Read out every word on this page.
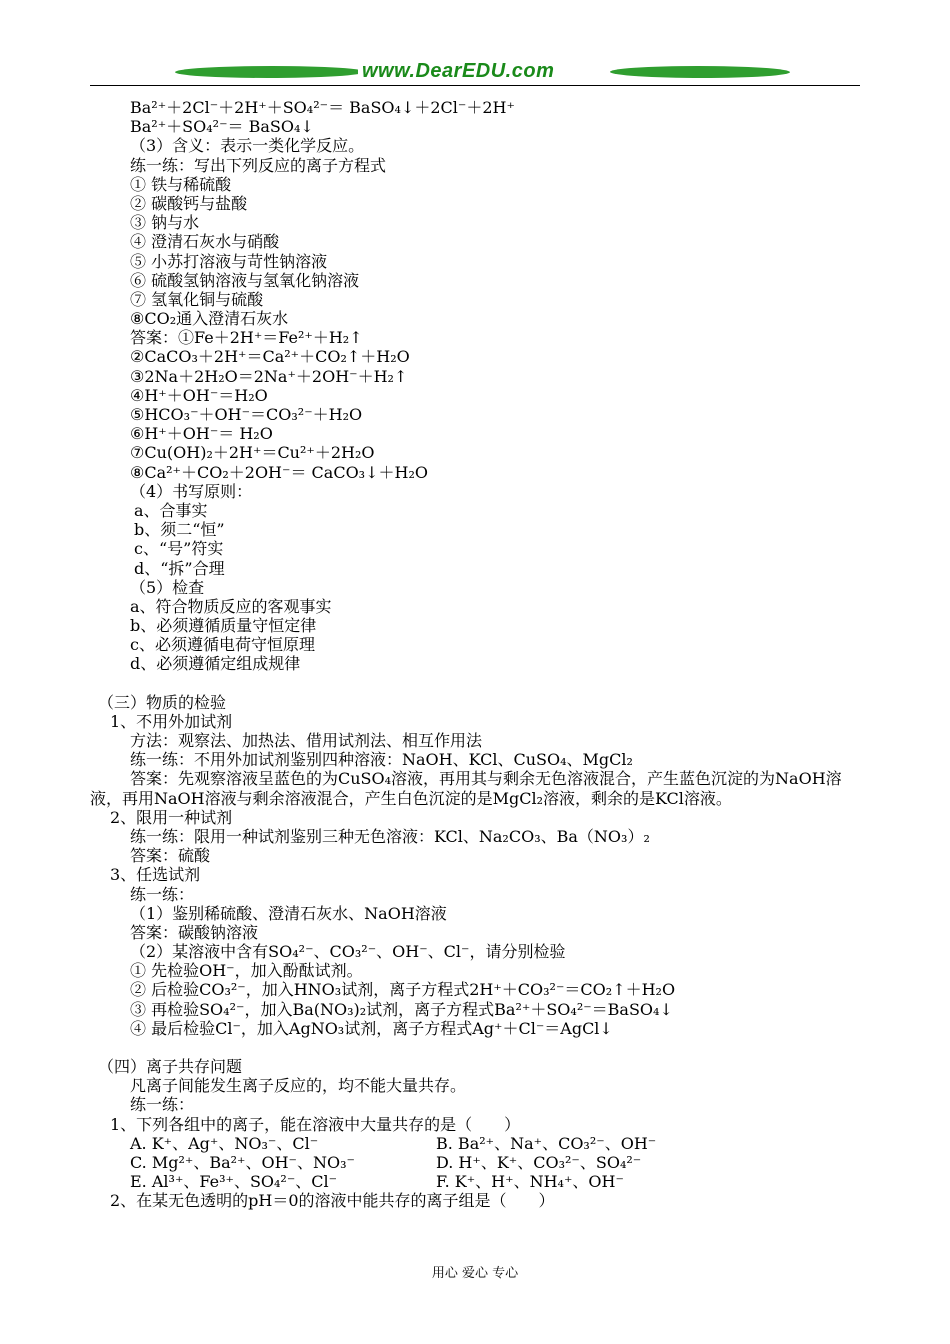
www.DearEDU.com
Ba²⁺＋2Cl⁻＋2H⁺＋SO₄²⁻＝ BaSO₄↓＋2Cl⁻＋2H⁺
Ba²⁺＋SO₄²⁻＝ BaSO₄↓
（3）含义：表示一类化学反应。
练一练：写出下列反应的离子方程式
① 铁与稀硫酸
② 碳酸钙与盐酸
③ 钠与水
④ 澄清石灰水与硝酸
⑤ 小苏打溶液与苛性钠溶液
⑥ 硫酸氢钠溶液与氢氧化钠溶液
⑦ 氢氧化铜与硫酸
⑧CO₂通入澄清石灰水
答案：①Fe＋2H⁺＝Fe²⁺＋H₂↑
②CaCO₃＋2H⁺＝Ca²⁺＋CO₂↑＋H₂O
③2Na＋2H₂O＝2Na⁺＋2OH⁻＋H₂↑
④H⁺＋OH⁻＝H₂O
⑤HCO₃⁻＋OH⁻＝CO₃²⁻＋H₂O
⑥H⁺＋OH⁻＝ H₂O
⑦Cu(OH)₂＋2H⁺＝Cu²⁺＋2H₂O
⑧Ca²⁺＋CO₂＋2OH⁻＝ CaCO₃↓＋H₂O
（4）书写原则：
a、合事实
b、须二“恒”
c、“号”符实
d、“拆”合理
（5）检查
a、符合物质反应的客观事实
b、必须遵循质量守恒定律
c、必须遵循电荷守恒原理
d、必须遵循定组成规律
（三）物质的检验
1、不用外加试剂
方法：观察法、加热法、借用试剂法、相互作用法
练一练：不用外加试剂鉴别四种溶液：NaOH、KCl、CuSO₄、MgCl₂
答案：先观察溶液呈蓝色的为CuSO₄溶液，再用其与剩余无色溶液混合，产生蓝色沉淀的为NaOH溶液，再用NaOH溶液与剩余溶液混合，产生白色沉淀的是MgCl₂溶液，剩余的是KCl溶液。
2、限用一种试剂
练一练：限用一种试剂鉴别三种无色溶液：KCl、Na₂CO₃、Ba（NO₃）₂
答案：硫酸
3、任选试剂
练一练：
（1）鉴别稀硫酸、澄清石灰水、NaOH溶液
答案：碳酸钠溶液
（2）某溶液中含有SO₄²⁻、CO₃²⁻、OH⁻、Cl⁻，请分别检验
① 先检验OH⁻，加入酚酞试剂。
② 后检验CO₃²⁻，加入HNO₃试剂，离子方程式2H⁺＋CO₃²⁻＝CO₂↑＋H₂O
③ 再检验SO₄²⁻，加入Ba(NO₃)₂试剂，离子方程式Ba²⁺＋SO₄²⁻＝BaSO₄↓
④ 最后检验Cl⁻，加入AgNO₃试剂，离子方程式Ag⁺＋Cl⁻＝AgCl↓
（四）离子共存问题
凡离子间能发生离子反应的，均不能大量共存。
练一练：
1、下列各组中的离子，能在溶液中大量共存的是（　　）
A. K⁺、Ag⁺、NO₃⁻、Cl⁻	B. Ba²⁺、Na⁺、CO₃²⁻、OH⁻
C. Mg²⁺、Ba²⁺、OH⁻、NO₃⁻	D. H⁺、K⁺、CO₃²⁻、SO₄²⁻
E. Al³⁺、Fe³⁺、SO₄²⁻、Cl⁻	F. K⁺、H⁺、NH₄⁺、OH⁻
2、在某无色透明的pH＝0的溶液中能共存的离子组是（　　）
用心 爱心 专心
